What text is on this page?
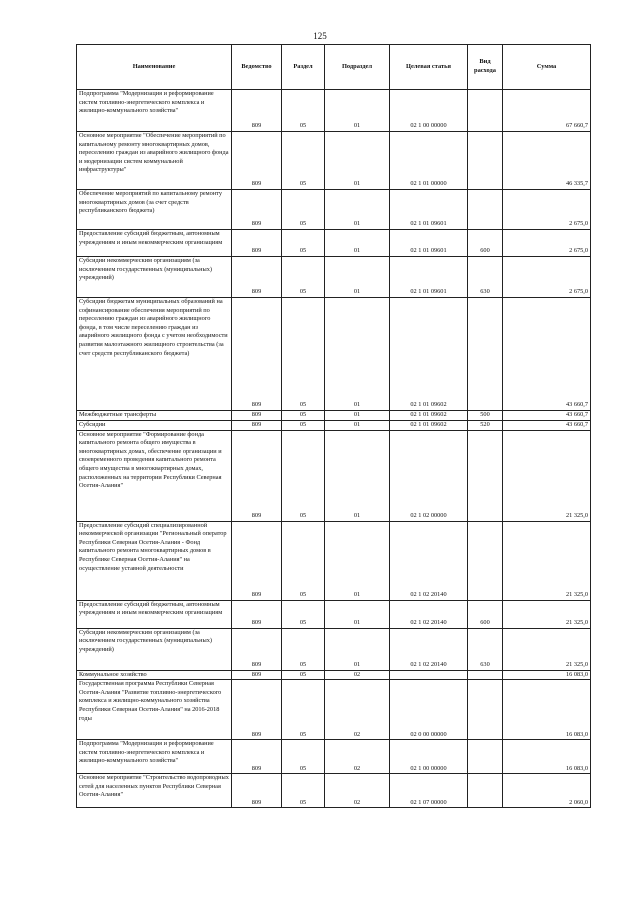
125
Наименование	Ведомство	Раздел	Подраздел	Целевая статья	Вид расхода	Сумма
Подпрограмма "Модернизация и реформирование систем топливно-энергетического комплекса и жилищно-коммунального хозяйства"	809	05	01	02 1 00 00000		67 660,7
Основное мероприятие "Обеспечение мероприятий по капитальному ремонту многоквартирных домов, переселению граждан из аварийного жилищного фонда и модернизации систем коммунальной инфраструктуры"	809	05	01	02 1 01 00000		46 335,7
Обеспечение мероприятий по капитальному ремонту многоквартирных домов (за счет средств республиканского бюджета)	809	05	01	02 1 01 09601		2 675,0
Предоставление субсидий бюджетным, автономным учреждениям и иным некоммерческим организациям	809	05	01	02 1 01 09601	600	2 675,0
Субсидии некоммерческим организациям (за исключением государственных (муниципальных) учреждений)	809	05	01	02 1 01 09601	630	2 675,0
Субсидии бюджетам муниципальных образований на софинансирование обеспечения мероприятий по переселению граждан из аварийного жилищного фонда, в том числе переселению граждан из аварийного жилищного фонда с учетом необходимости развития малоэтажного жилищного строительства (за счет средств республиканского бюджета)	809	05	01	02 1 01 09602		43 660,7
Межбюджетные трансферты	809	05	01	02 1 01 09602	500	43 660,7
Субсидии	809	05	01	02 1 01 09602	520	43 660,7
Основное мероприятие "Формирование фонда капитального ремонта общего имущества в многоквартирных домах, обеспечение организации и своевременного проведения капитального ремонта общего имущества в многоквартирных домах, расположенных на территории Республики Северная Осетия-Алания"	809	05	01	02 1 02 00000		21 325,0
Предоставление субсидий специализированной некоммерческой организации "Региональный оператор Республики Северная Осетия-Алания - Фонд капитального ремонта многоквартирных домов в Республике Северная Осетия-Алания" на осуществление уставной деятельности	809	05	01	02 1 02 20140		21 325,0
Предоставление субсидий бюджетным, автономным учреждениям и иным некоммерческим организациям	809	05	01	02 1 02 20140	600	21 325,0
Субсидии некоммерческим организациям (за исключением государственных (муниципальных) учреждений)	809	05	01	02 1 02 20140	630	21 325,0
Коммунальное хозяйство	809	05	02			16 083,0
Государственная программа Республики Северная Осетия-Алания "Развитие топливно-энергетического комплекса и жилищно-коммунального хозяйства Республики Северная Осетия-Алания" на 2016-2018 годы	809	05	02	02 0 00 00000		16 083,0
Подпрограмма "Модернизация и реформирование систем топливно-энергетического комплекса и жилищно-коммунального хозяйства"	809	05	02	02 1 00 00000		16 083,0
Основное мероприятие "Строительство водопроводных сетей для населенных пунктов Республики Северная Осетия-Алания"	809	05	02	02 1 07 00000		2 060,0
